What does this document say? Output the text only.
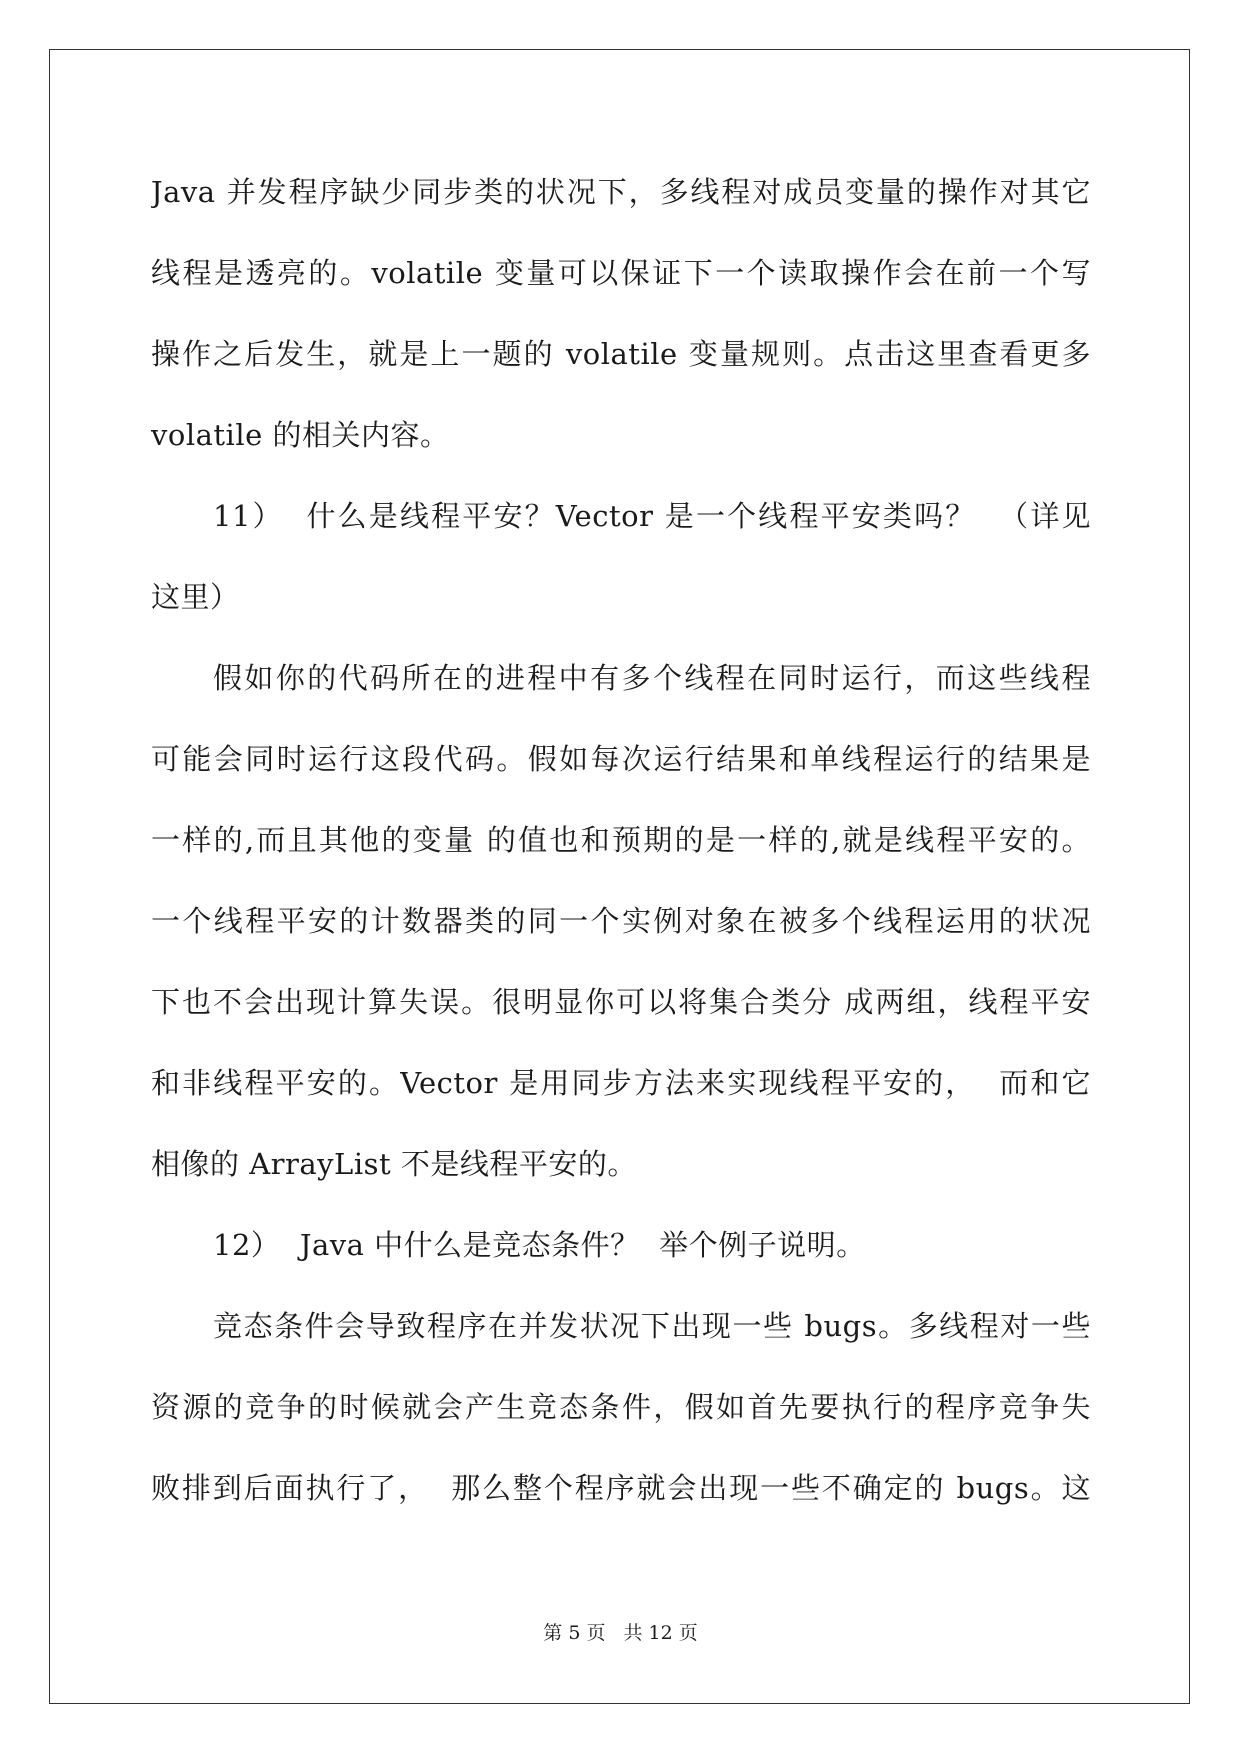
Java 并发程序缺少同步类的状况下，多线程对成员变量的操作对其它
线程是透亮的。volatile 变量可以保证下一个读取操作会在前一个写
操作之后发生，就是上一题的 volatile 变量规则。点击这里查看更多
volatile 的相关内容。
11）  什么是线程平安？Vector 是一个线程平安类吗？  （详见
这里）
假如你的代码所在的进程中有多个线程在同时运行，而这些线程
可能会同时运行这段代码。假如每次运行结果和单线程运行的结果是
一样的,而且其他的变量 的值也和预期的是一样的,就是线程平安的。
一个线程平安的计数器类的同一个实例对象在被多个线程运用的状况
下也不会出现计算失误。很明显你可以将集合类分 成两组，线程平安
和非线程平安的。Vector 是用同步方法来实现线程平安的，  而和它
相像的 ArrayList 不是线程平安的。
12）  Java 中什么是竞态条件？  举个例子说明。
竞态条件会导致程序在并发状况下出现一些 bugs。多线程对一些
资源的竞争的时候就会产生竞态条件，假如首先要执行的程序竞争失
败排到后面执行了，  那么整个程序就会出现一些不确定的 bugs。这
第 5 页 共 12 页
